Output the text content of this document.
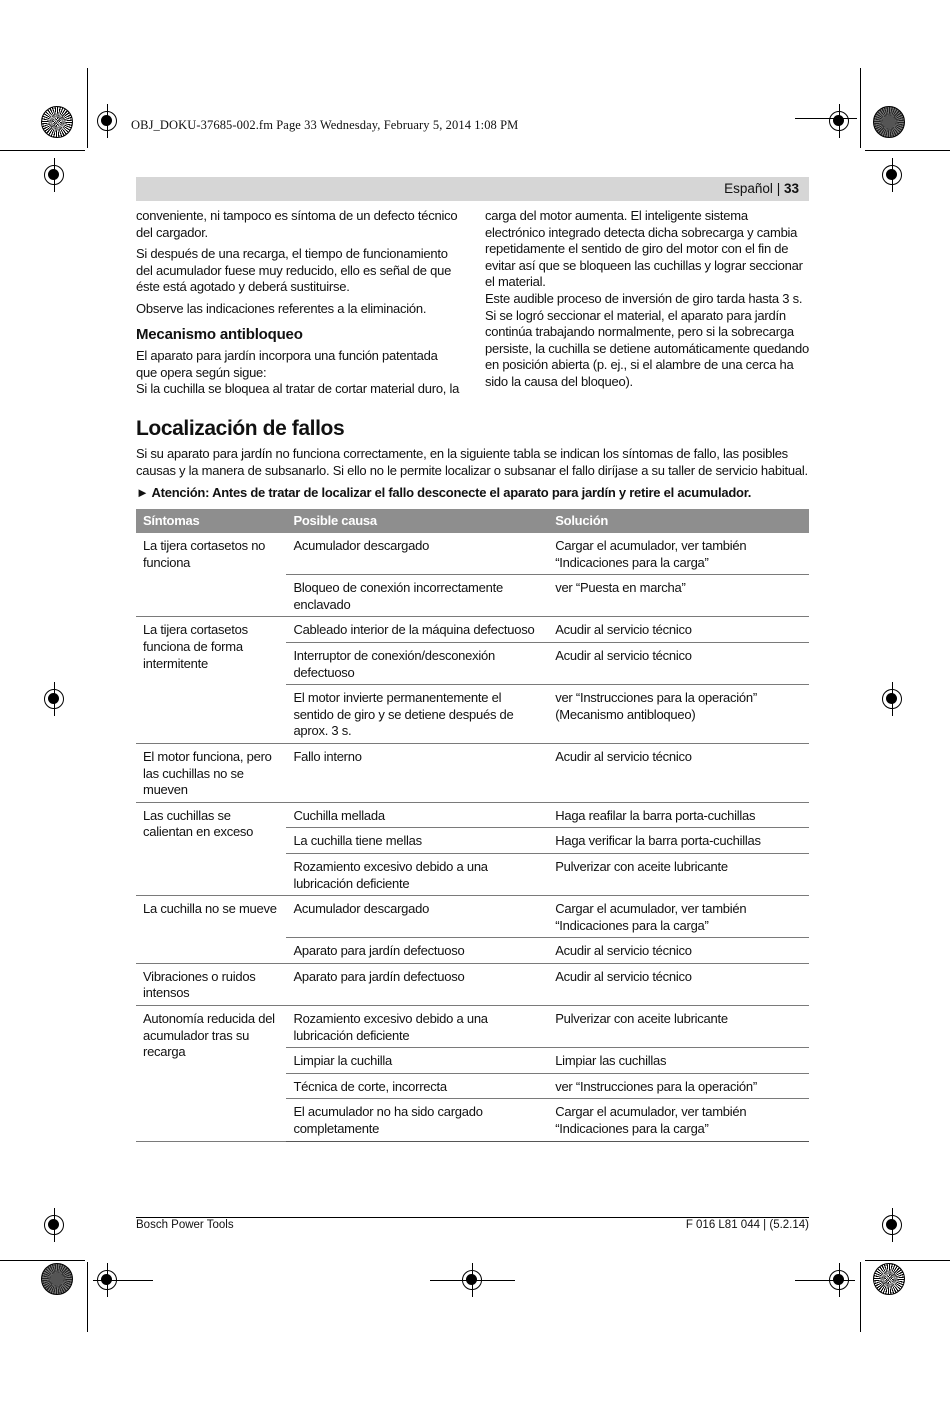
OBJ_DOKU-37685-002.fm Page 33 Wednesday, February 5, 2014 1:08 PM
Español | 33

conveniente, ni tampoco es síntoma de un defecto técnico del cargador.

Si después de una recarga, el tiempo de funcionamiento del acumulador fuese muy reducido, ello es señal de que éste está agotado y deberá sustituirse.

Observe las indicaciones referentes a la eliminación.

Mecanismo antibloqueo

El aparato para jardín incorpora una función patentada que opera según sigue:

Si la cuchilla se bloquea al tratar de cortar material duro, la

carga del motor aumenta. El inteligente sistema electrónico integrado detecta dicha sobrecarga y cambia repetidamente el sentido de giro del motor con el fin de evitar así que se bloqueen las cuchillas y lograr seccionar el material.

Este audible proceso de inversión de giro tarda hasta 3 s.

Si se logró seccionar el material, el aparato para jardín continúa trabajando normalmente, pero si la sobrecarga persiste, la cuchilla se detiene automáticamente quedando en posición abierta (p. ej., si el alambre de una cerca ha sido la causa del bloqueo).

Localización de fallos
Si su aparato para jardín no funciona correctamente, en la siguiente tabla se indican los síntomas de fallo, las posibles causas y la manera de subsanarlo. Si ello no le permite localizar o subsanar el fallo diríjase a su taller de servicio habitual.
► Atención: Antes de tratar de localizar el fallo desconecte el aparato para jardín y retire el acumulador.
Síntomas	Posible causa	Solución
La tijera cortasetos no funciona	Acumulador descargado	Cargar el acumulador, ver también “Indicaciones para la carga”
	Bloqueo de conexión incorrectamente enclavado	ver “Puesta en marcha”
La tijera cortasetos funciona de forma intermitente	Cableado interior de la máquina defectuoso	Acudir al servicio técnico
	Interruptor de conexión/desconexión defectuoso	Acudir al servicio técnico
	El motor invierte permanentemente el sentido de giro y se detiene después de aprox. 3 s.	ver “Instrucciones para la operación” (Mecanismo antibloqueo)
El motor funciona, pero las cuchillas no se mueven	Fallo interno	Acudir al servicio técnico
Las cuchillas se calientan en exceso	Cuchilla mellada	Haga reafilar la barra porta-cuchillas
	La cuchilla tiene mellas	Haga verificar la barra porta-cuchillas
	Rozamiento excesivo debido a una lubricación deficiente	Pulverizar con aceite lubricante
La cuchilla no se mueve	Acumulador descargado	Cargar el acumulador, ver también “Indicaciones para la carga”
	Aparato para jardín defectuoso	Acudir al servicio técnico
Vibraciones o ruidos intensos	Aparato para jardín defectuoso	Acudir al servicio técnico
Autonomía reducida del acumulador tras su recarga	Rozamiento excesivo debido a una lubricación deficiente	Pulverizar con aceite lubricante
	Limpiar la cuchilla	Limpiar las cuchillas
	Técnica de corte, incorrecta	ver “Instrucciones para la operación”
	El acumulador no ha sido cargado completamente	Cargar el acumulador, ver también “Indicaciones para la carga”
Bosch Power Tools	F 016 L81 044 | (5.2.14)
